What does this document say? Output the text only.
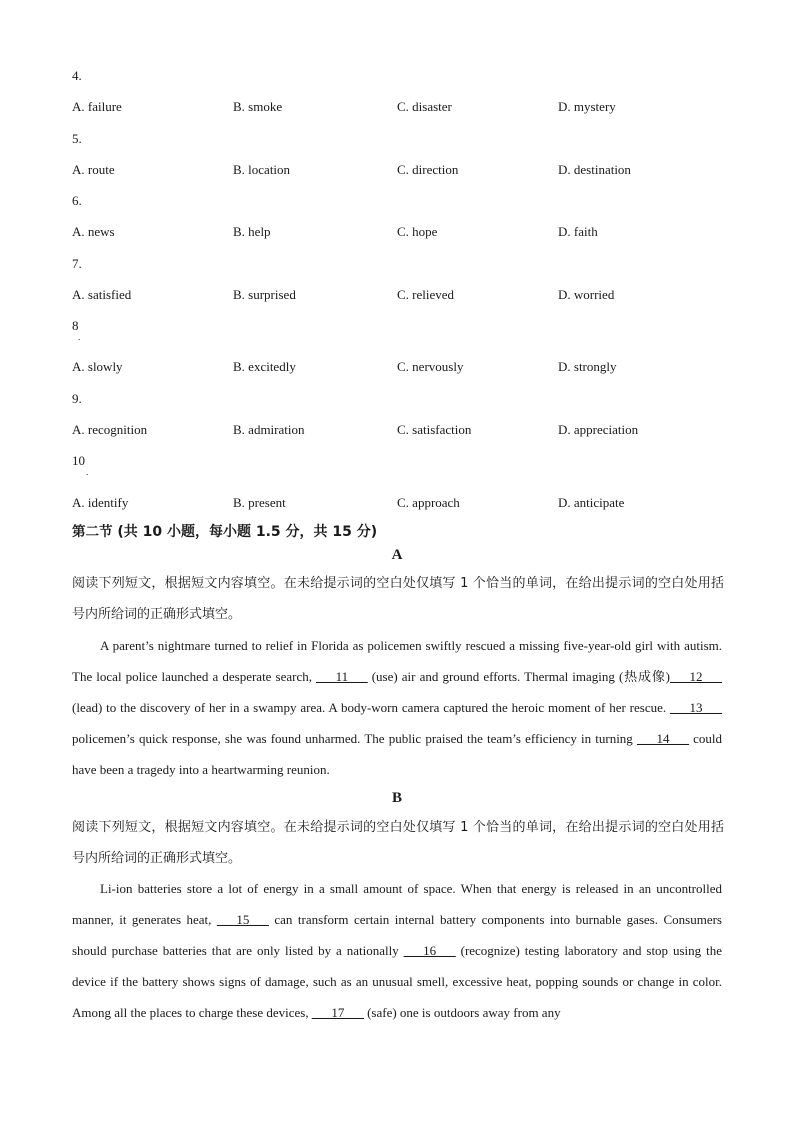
4.
A. failure	B. smoke	C. disaster	D. mystery
5.
A. route	B. location	C. direction	D. destination
6.
A. news	B. help	C. hope	D. faith
7.
A. satisfied	B. surprised	C. relieved	D. worried
8
.
A. slowly	B. excitedly	C. nervously	D. strongly
9.
A. recognition	B. admiration	C. satisfaction	D. appreciation
10
.
A. identify	B. present	C. approach	D. anticipate
第二节 (共 10 小题，每小题 1.5 分，共 15 分)
A
阅读下列短文，根据短文内容填空。在未给提示词的空白处仅填写 1 个恰当的单词，在给出提示词的空白处用括号内所给词的正确形式填空。

A parent’s nightmare turned to relief in Florida as policemen swiftly rescued a missing five-year-old girl with autism. The local police launched a desperate search, ___11___ (use) air and ground efforts. Thermal imaging (热成像)___12___ (lead) to the discovery of her in a swampy area. A body-worn camera captured the heroic moment of her rescue. ___13___ policemen’s quick response, she was found unharmed. The public praised the team’s efficiency in turning ___14___ could have been a tragedy into a heartwarming reunion.

B
阅读下列短文，根据短文内容填空。在未给提示词的空白处仅填写 1 个恰当的单词，在给出提示词的空白处用括号内所给词的正确形式填空。

Li-ion batteries store a lot of energy in a small amount of space. When that energy is released in an uncontrolled manner, it generates heat, ___15___ can transform certain internal battery components into burnable gases. Consumers should purchase batteries that are only listed by a nationally ___16___ (recognize) testing laboratory and stop using the device if the battery shows signs of damage, such as an unusual smell, excessive heat, popping sounds or change in color. Among all the places to charge these devices, ___17___ (safe) one is outdoors away from any
